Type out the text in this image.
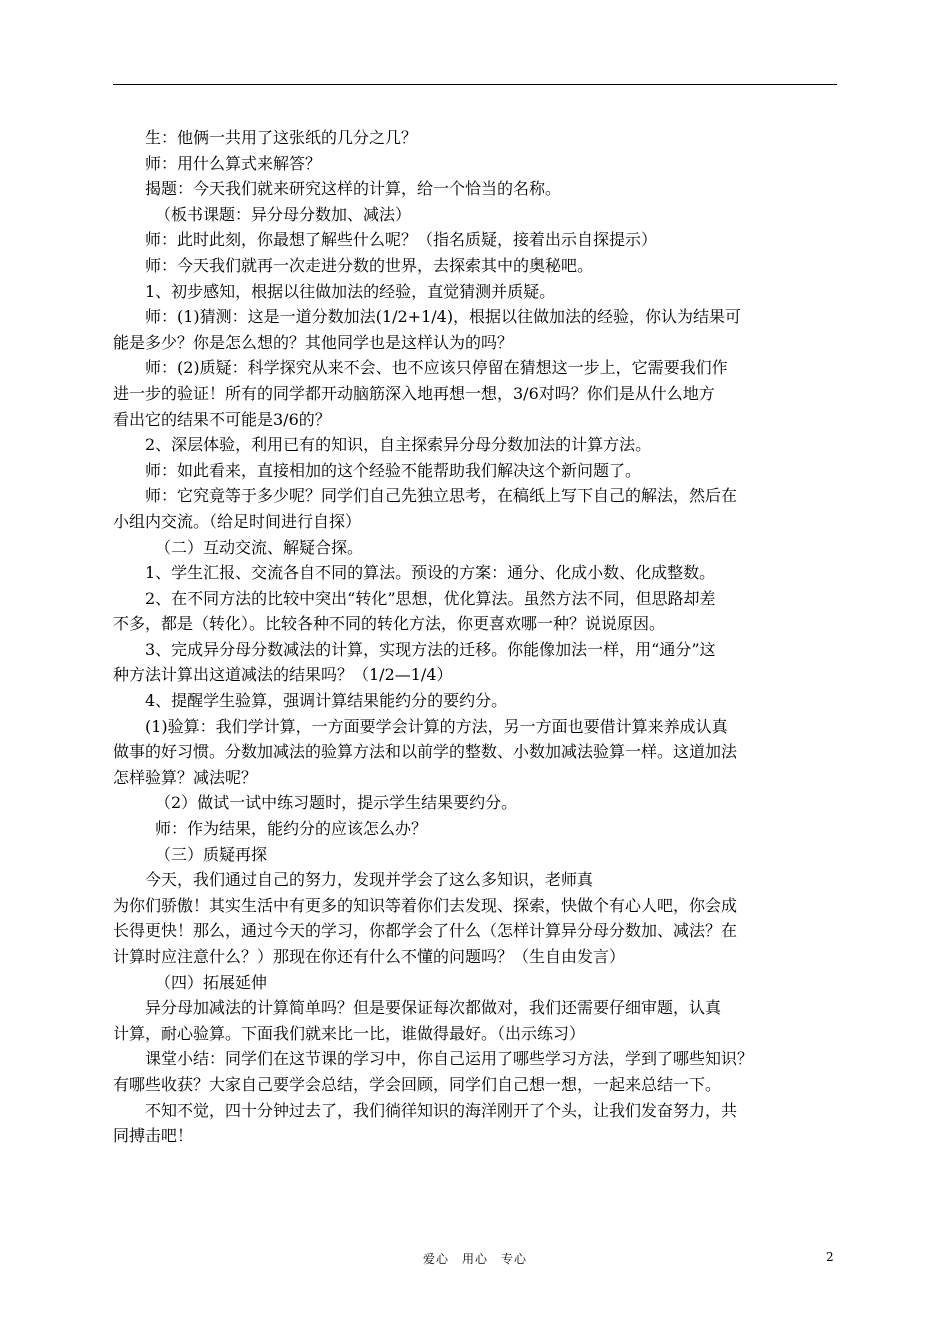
生：他俩一共用了这张纸的几分之几？
师：用什么算式来解答？
揭题：今天我们就来研究这样的计算，给一个恰当的名称。
（板书课题：异分母分数加、减法）
师：此时此刻，你最想了解些什么呢？（指名质疑，接着出示自探提示）
师：今天我们就再一次走进分数的世界，去探索其中的奥秘吧。
1、初步感知，根据以往做加法的经验，直觉猜测并质疑。
师：(1)猜测：这是一道分数加法(1/2+1/4)，根据以往做加法的经验，你认为结果可
能是多少？你是怎么想的？其他同学也是这样认为的吗？
师：(2)质疑：科学探究从来不会、也不应该只停留在猜想这一步上，它需要我们作
进一步的验证！所有的同学都开动脑筋深入地再想一想，3/6对吗？你们是从什么地方
看出它的结果不可能是3/6的？
2、深层体验，利用已有的知识，自主探索异分母分数加法的计算方法。
师：如此看来，直接相加的这个经验不能帮助我们解决这个新问题了。
师：它究竟等于多少呢？同学们自己先独立思考，在稿纸上写下自己的解法，然后在
小组内交流。（给足时间进行自探）
（二）互动交流、解疑合探。
1、学生汇报、交流各自不同的算法。预设的方案：通分、化成小数、化成整数。
2、在不同方法的比较中突出“转化”思想，优化算法。虽然方法不同，但思路却差
不多，都是（转化）。比较各种不同的转化方法，你更喜欢哪一种？说说原因。
3、完成异分母分数减法的计算，实现方法的迁移。你能像加法一样，用“通分”这
种方法计算出这道减法的结果吗？（1/2—1/4）
4、提醒学生验算，强调计算结果能约分的要约分。
(1)验算：我们学计算，一方面要学会计算的方法，另一方面也要借计算来养成认真
做事的好习惯。分数加减法的验算方法和以前学的整数、小数加减法验算一样。这道加法
怎样验算？减法呢？
（2）做试一试中练习题时，提示学生结果要约分。
师：作为结果，能约分的应该怎么办？
（三）质疑再探
今天，我们通过自己的努力，发现并学会了这么多知识，老师真
为你们骄傲！其实生活中有更多的知识等着你们去发现、探索，快做个有心人吧，你会成
长得更快！那么，通过今天的学习，你都学会了什么（怎样计算异分母分数加、减法？在
计算时应注意什么？）那现在你还有什么不懂的问题吗？（生自由发言）
（四）拓展延伸
异分母加减法的计算简单吗？但是要保证每次都做对，我们还需要仔细审题，认真
计算，耐心验算。下面我们就来比一比，谁做得最好。（出示练习）
课堂小结：同学们在这节课的学习中，你自己运用了哪些学习方法，学到了哪些知识？
有哪些收获？大家自己要学会总结，学会回顾，同学们自己想一想，一起来总结一下。
不知不觉，四十分钟过去了，我们徜徉知识的海洋刚开了个头，让我们发奋努力，共
同搏击吧！
爱心　用心　专心	2
